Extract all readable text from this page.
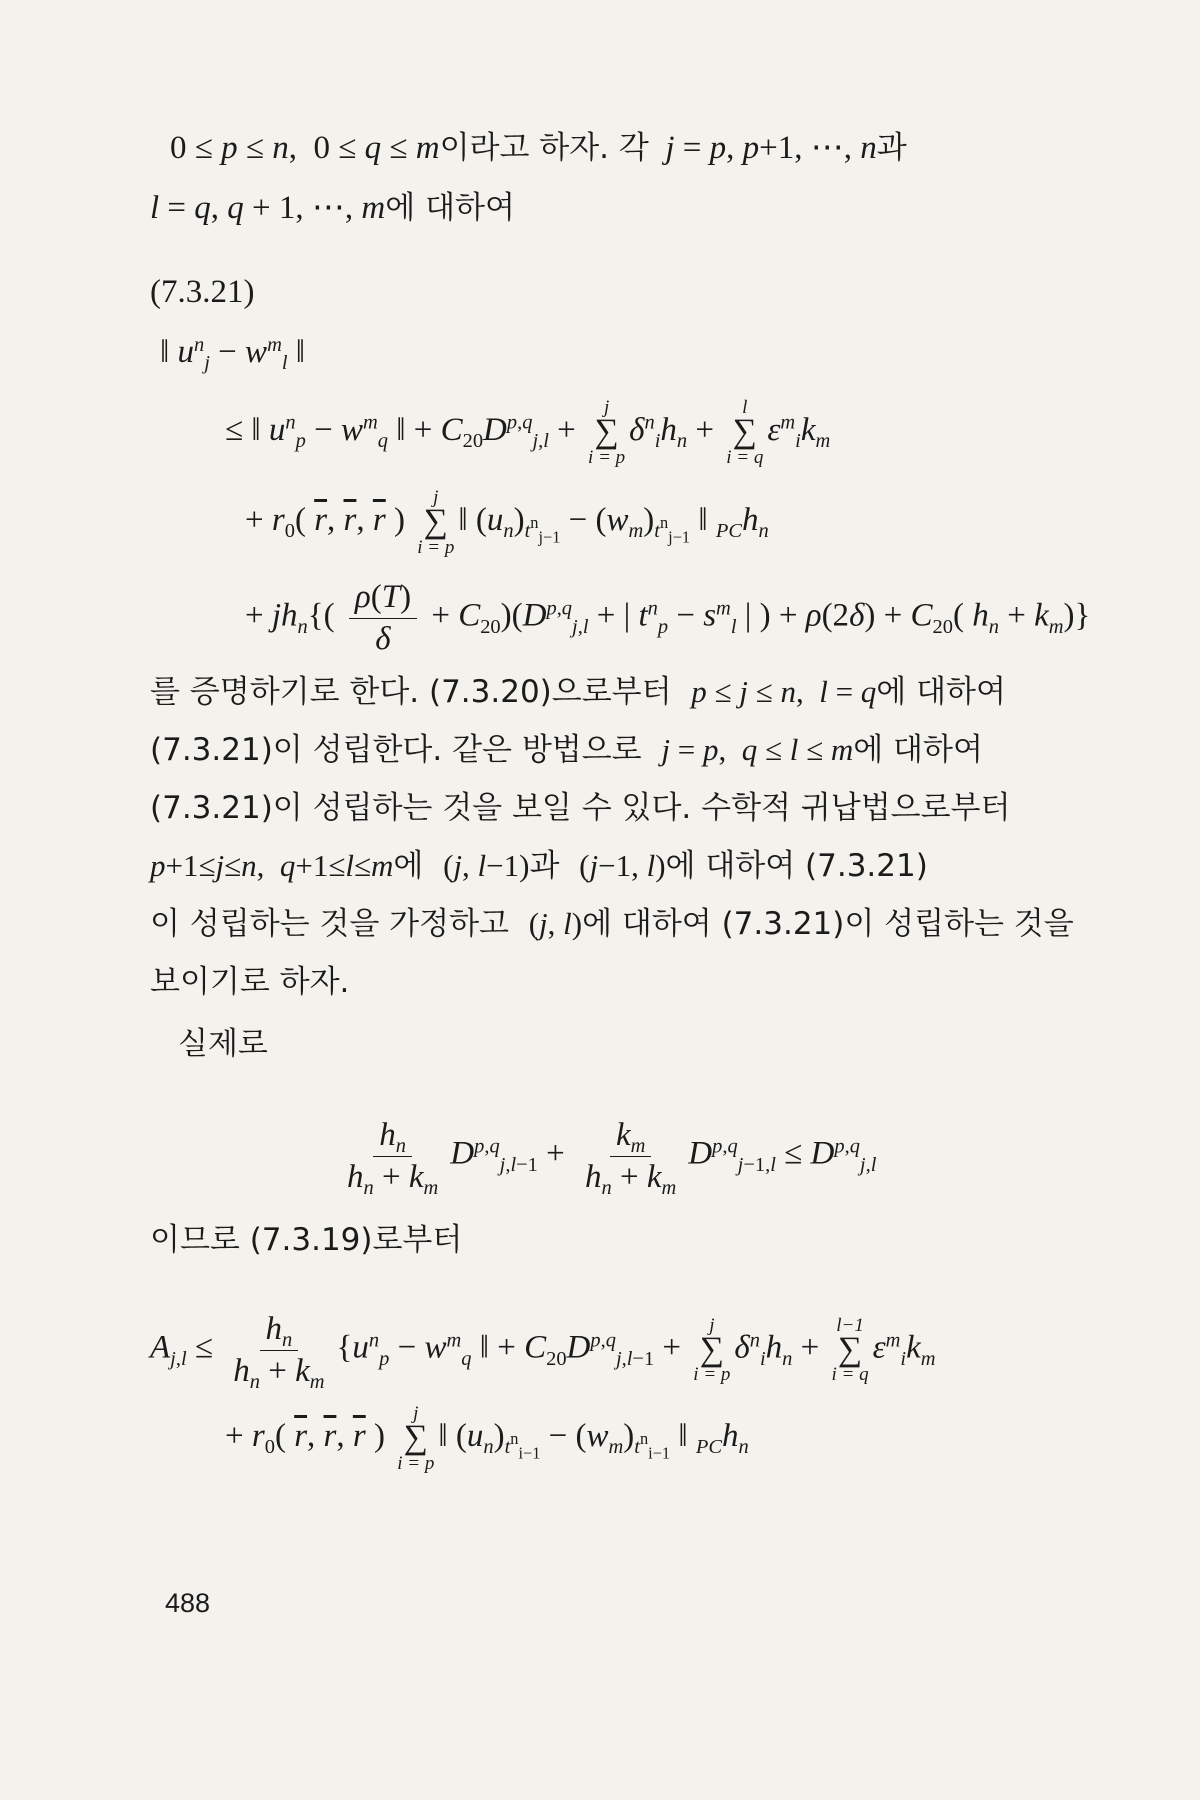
0 ≤ p ≤ n,  0 ≤ q ≤ m이라고 하자. 각 j = p, p+1, ⋯, n과
l = q, q + 1, ⋯, m에 대하여
(7.3.21)
‖ $u^n_j - w^m_l$ ‖
≤ ‖ $u^n_p - w^m_q$ ‖ + $C_{20}D^{p,q}_{j,l}$ +
j
∑
i = p
$\delta^n_ih_n$ +
l
∑
i = q
$\varepsilon^m_ik_m$
+ $r_0$( $\overline{r}$, $\overline{r}$, $\overline{r}$ )
j
∑
i = p
‖ $(u_n)_{t^n_{j-1}} - (w_m)_{t^n_{j-1}}$ ‖ $_{PC}h_n$
+ $jh_n\{( \frac{\rho(T)}{\delta} + C_{20})(D^{p,q}_{j,l}$ + | $t^n_p - s^m_l$ | ) + $\rho(2\delta) + C_{20}$( $h_n + k_m$)}
를 증명하기로 한다. (7.3.20)으로부터 p ≤ j ≤ n,  l = q에 대하여
(7.3.21)이 성립한다. 같은 방법으로 j = p,  q ≤ l ≤ m에 대하여
(7.3.21)이 성립하는 것을 보일 수 있다. 수학적 귀납법으로부터
p+1≤j≤n,  q+1≤l≤m에 (j, l−1)과 (j−1, l)에 대하여 (7.3.21)
이 성립하는 것을 가정하고 (j, l)에 대하여 (7.3.21)이 성립하는 것을
보이기로 하자.
실제로
$\frac{h_n}{h_n + k_m} D^{p,q}_{j,l-1} + \frac{k_m}{h_n + k_m} D^{p,q}_{j-1,l} \le D^{p,q}_{j,l}$
이므로 (7.3.19)로부터
$A_{j,l} \le \frac{h_n}{h_n + k_m} \{u^n_p - w^m_q$ ‖ + $C_{20}D^{p,q}_{j,l-1}$ +
j
∑
i = p
$\delta^n_ih_n$ +
l−1
∑
i = q
$\varepsilon^m_ik_m$
+ $r_0$( $\overline{r}$, $\overline{r}$, $\overline{r}$ )
j
∑
i = p
‖ $(u_n)_{t^n_{i-1}} - (w_m)_{t^n_{i-1}}$ ‖ $_{PC}h_n$
488
